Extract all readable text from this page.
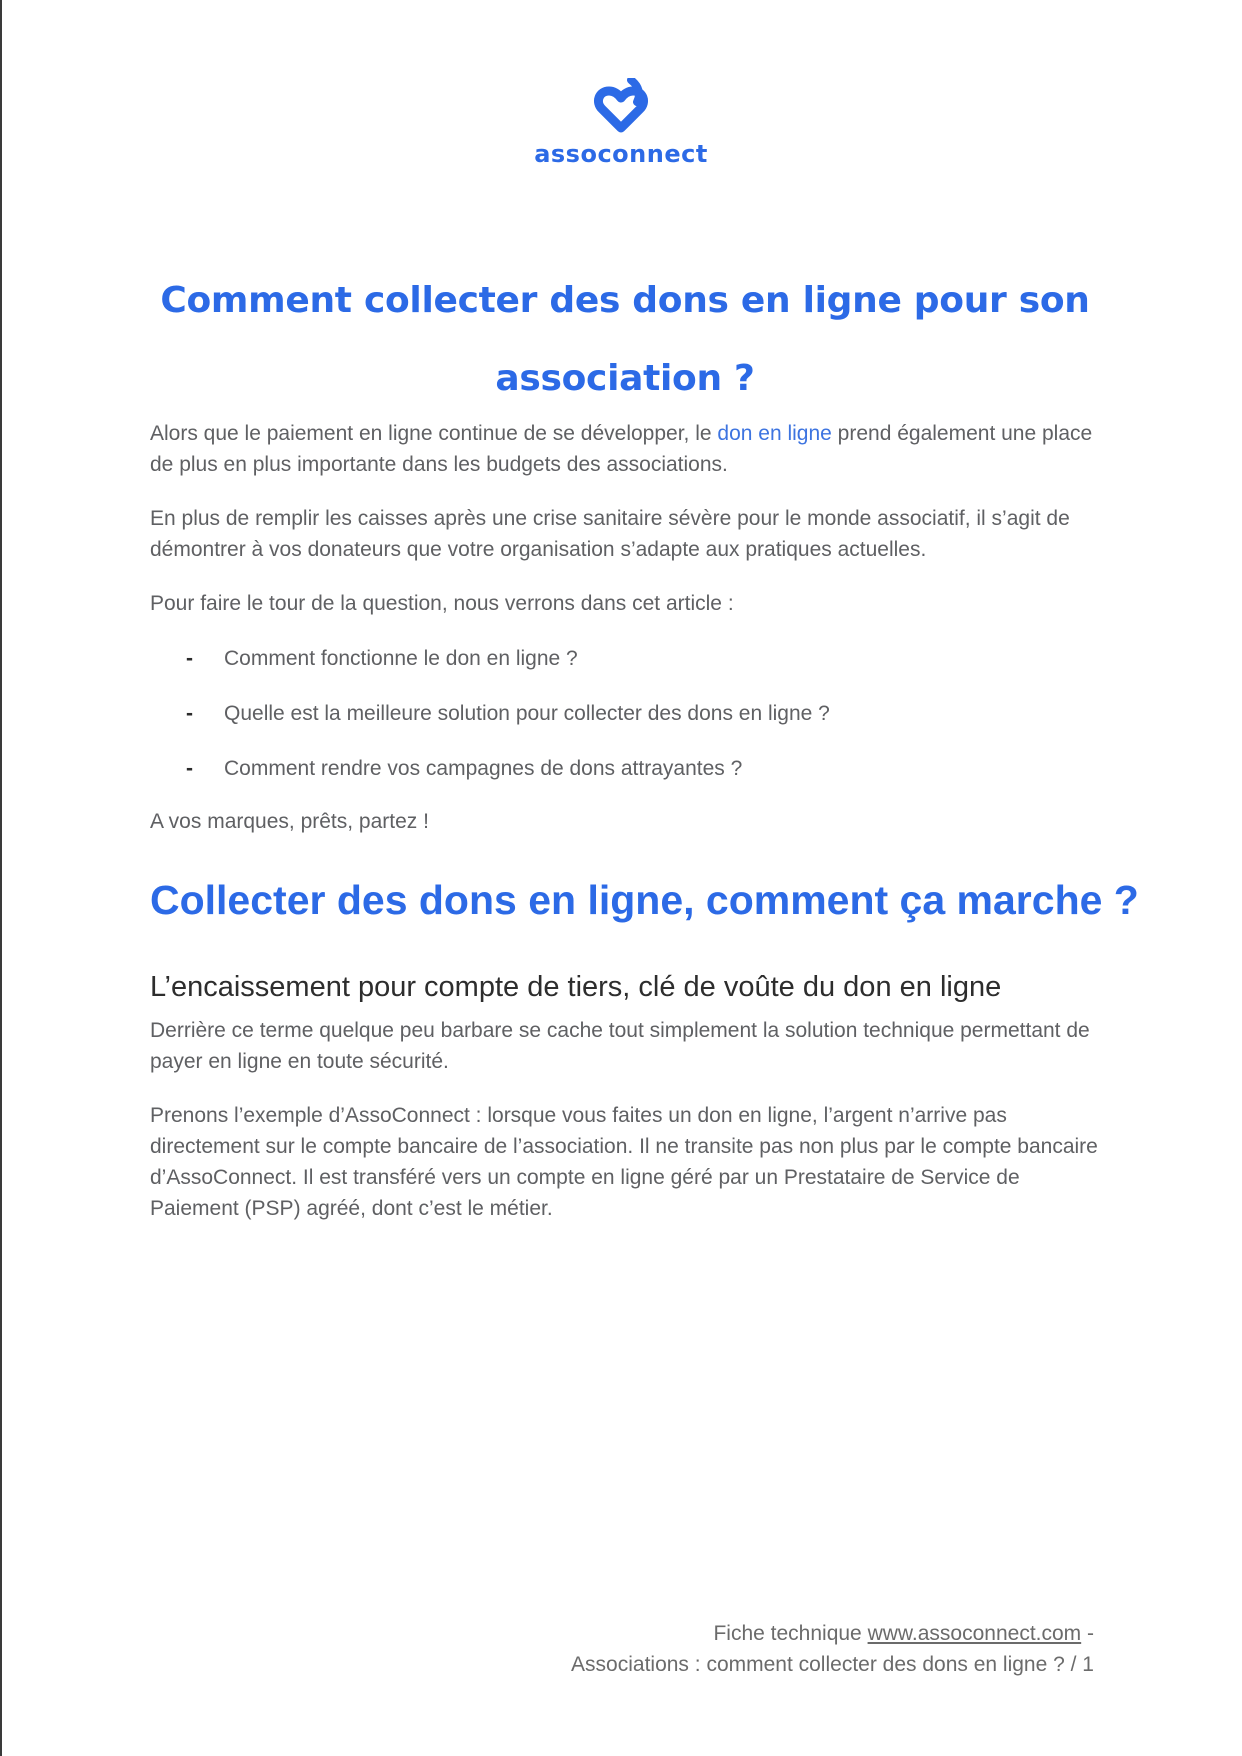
assoconnect
Comment collecter des dons en ligne pour son association ?

Alors que le paiement en ligne continue de se développer, le don en ligne prend également une place de plus en plus importante dans les budgets des associations.

En plus de remplir les caisses après une crise sanitaire sévère pour le monde associatif, il s’agit de démontrer à vos donateurs que votre organisation s’adapte aux pratiques actuelles.

Pour faire le tour de la question, nous verrons dans cet article :

- Comment fonctionne le don en ligne ?
- Quelle est la meilleure solution pour collecter des dons en ligne ?
- Comment rendre vos campagnes de dons attrayantes ?

A vos marques, prêts, partez !

Collecter des dons en ligne, comment ça marche ?
L’encaissement pour compte de tiers, clé de voûte du don en ligne

Derrière ce terme quelque peu barbare se cache tout simplement la solution technique permettant de payer en ligne en toute sécurité.

Prenons l’exemple d’AssoConnect : lorsque vous faites un don en ligne, l’argent n’arrive pas directement sur le compte bancaire de l’association. Il ne transite pas non plus par le compte bancaire d’AssoConnect. Il est transféré vers un compte en ligne géré par un Prestataire de Service de Paiement (PSP) agréé, dont c’est le métier.

Fiche technique www.assoconnect.com -
Associations : comment collecter des dons en ligne ? / 1
